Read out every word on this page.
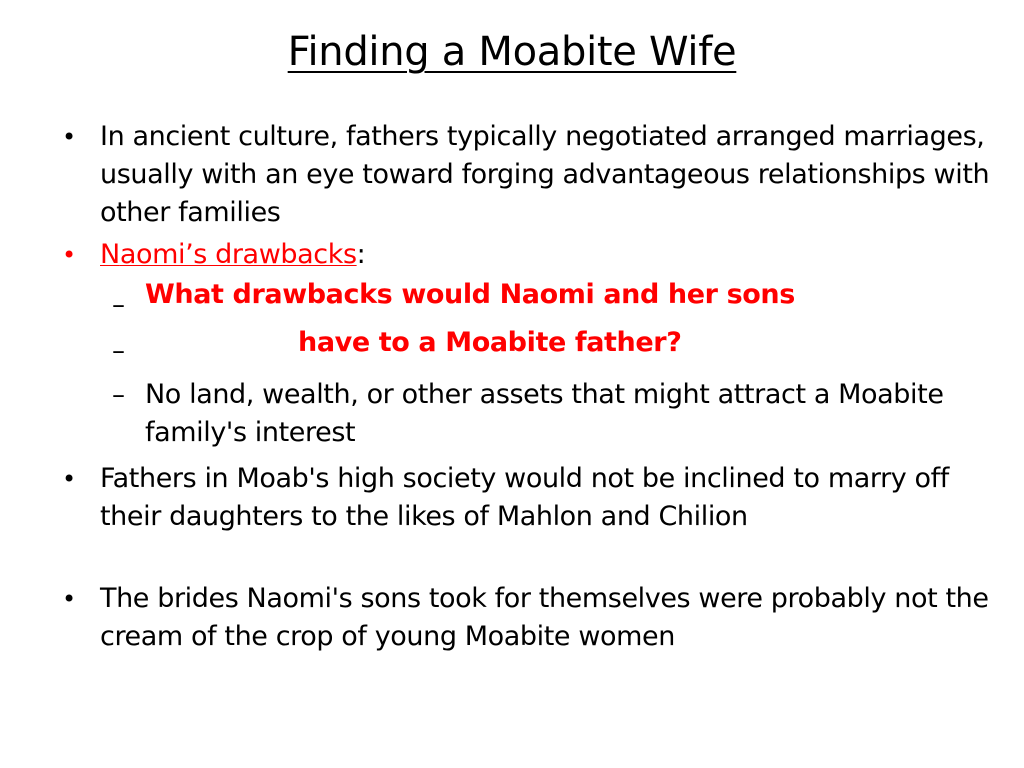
Finding a Moabite Wife
• In ancient culture, fathers typically negotiated arranged marriages, usually with an eye toward forging advantageous relationships with other families
• Naomi’s drawbacks:
–
–
– No land, wealth, or other assets that might attract a Moabite family's interest
What drawbacks would Naomi and her sons
have to a Moabite father?
• Fathers in Moab's high society would not be inclined to marry off their daughters to the likes of Mahlon and Chilion
• The brides Naomi's sons took for themselves were probably not the cream of the crop of young Moabite women
